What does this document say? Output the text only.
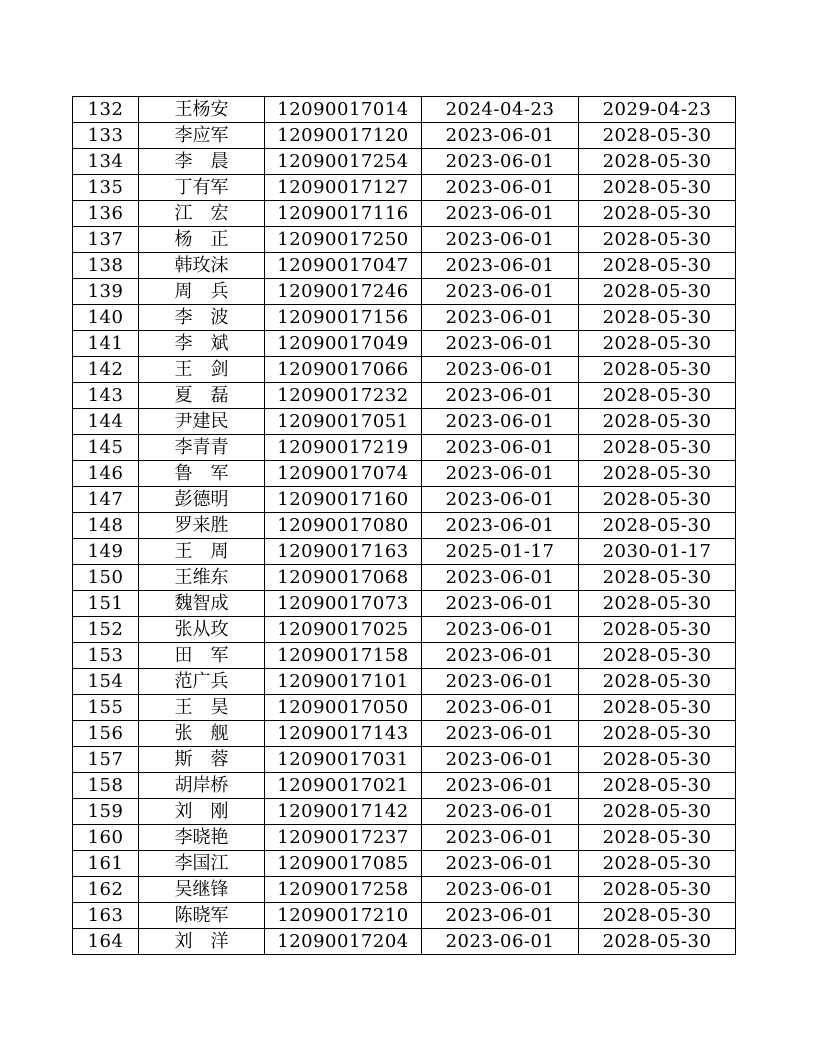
132	王杨安	12090017014	2024-04-23	2029-04-23
133	李应军	12090017120	2023-06-01	2028-05-30
134	李　晨	12090017254	2023-06-01	2028-05-30
135	丁有军	12090017127	2023-06-01	2028-05-30
136	江　宏	12090017116	2023-06-01	2028-05-30
137	杨　正	12090017250	2023-06-01	2028-05-30
138	韩玫沫	12090017047	2023-06-01	2028-05-30
139	周　兵	12090017246	2023-06-01	2028-05-30
140	李　波	12090017156	2023-06-01	2028-05-30
141	李　斌	12090017049	2023-06-01	2028-05-30
142	王　剑	12090017066	2023-06-01	2028-05-30
143	夏　磊	12090017232	2023-06-01	2028-05-30
144	尹建民	12090017051	2023-06-01	2028-05-30
145	李青青	12090017219	2023-06-01	2028-05-30
146	鲁　军	12090017074	2023-06-01	2028-05-30
147	彭德明	12090017160	2023-06-01	2028-05-30
148	罗来胜	12090017080	2023-06-01	2028-05-30
149	王　周	12090017163	2025-01-17	2030-01-17
150	王维东	12090017068	2023-06-01	2028-05-30
151	魏智成	12090017073	2023-06-01	2028-05-30
152	张从玫	12090017025	2023-06-01	2028-05-30
153	田　军	12090017158	2023-06-01	2028-05-30
154	范广兵	12090017101	2023-06-01	2028-05-30
155	王　昊	12090017050	2023-06-01	2028-05-30
156	张　舰	12090017143	2023-06-01	2028-05-30
157	斯　蓉	12090017031	2023-06-01	2028-05-30
158	胡岸桥	12090017021	2023-06-01	2028-05-30
159	刘　刚	12090017142	2023-06-01	2028-05-30
160	李晓艳	12090017237	2023-06-01	2028-05-30
161	李国江	12090017085	2023-06-01	2028-05-30
162	吴继锋	12090017258	2023-06-01	2028-05-30
163	陈晓军	12090017210	2023-06-01	2028-05-30
164	刘　洋	12090017204	2023-06-01	2028-05-30
